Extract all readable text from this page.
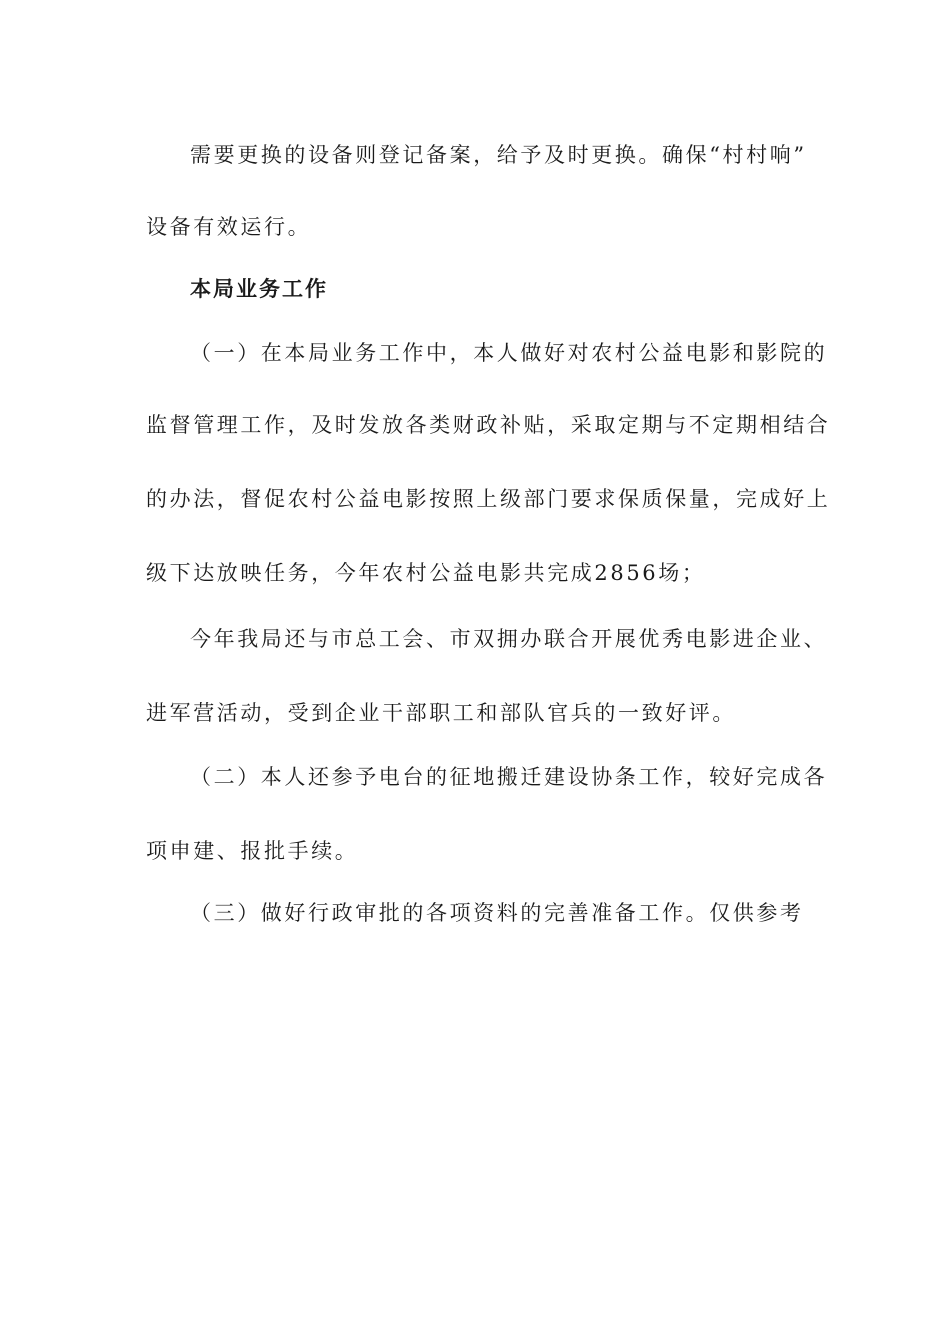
需要更换的设备则登记备案，给予及时更换。确保“村村响”
设备有效运行。
本局业务工作
（一）在本局业务工作中，本人做好对农村公益电影和影院的
监督管理工作，及时发放各类财政补贴，采取定期与不定期相结合
的办法，督促农村公益电影按照上级部门要求保质保量，完成好上
级下达放映任务，今年农村公益电影共完成2856场；
今年我局还与市总工会、市双拥办联合开展优秀电影进企业、
进军营活动，受到企业干部职工和部队官兵的一致好评。
（二）本人还参予电台的征地搬迁建设协条工作，较好完成各
项申建、报批手续。
（三）做好行政审批的各项资料的完善准备工作。仅供参考
